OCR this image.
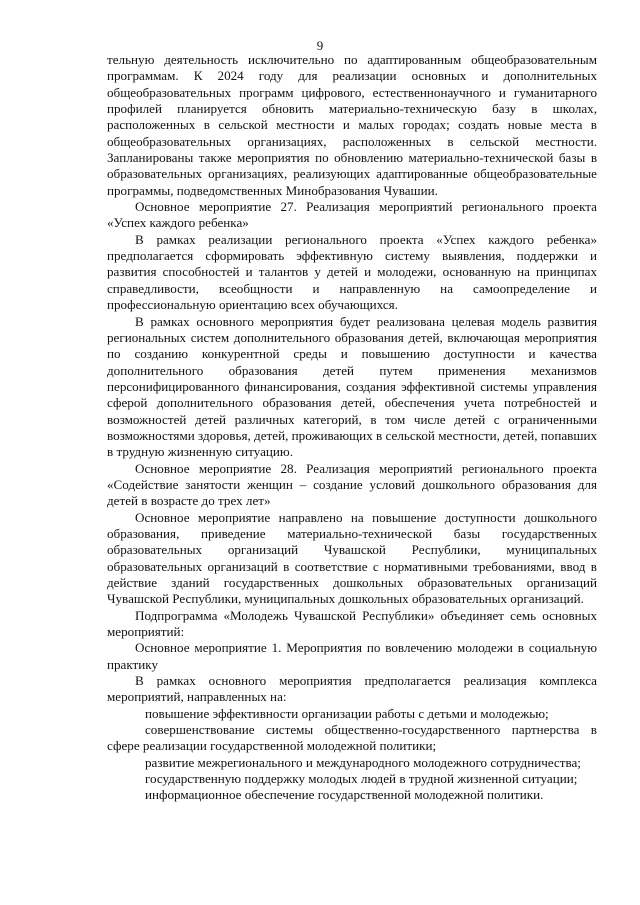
9

тельную деятельность исключительно по адаптированным общеобразовательным программам. К 2024 году для реализации основных и дополнительных общеобразовательных программ цифрового, естественнонаучного и гуманитарного профилей планируется обновить материально-техническую базу в школах, расположенных в сельской местности и малых городах; создать новые места в общеобразовательных организациях, расположенных в сельской местности. Запланированы также мероприятия по обновлению материально-технической базы в образовательных организациях, реализующих адаптированные общеобразовательные программы, подведомственных Минобразования Чувашии.

Основное мероприятие 27. Реализация мероприятий регионального проекта «Успех каждого ребенка»

В рамках реализации регионального проекта «Успех каждого ребенка» предполагается сформировать эффективную систему выявления, поддержки и развития способностей и талантов у детей и молодежи, основанную на принципах справедливости, всеобщности и направленную на самоопределение и профессиональную ориентацию всех обучающихся.

В рамках основного мероприятия будет реализована целевая модель развития региональных систем дополнительного образования детей, включающая мероприятия по созданию конкурентной среды и повышению доступности и качества дополнительного образования детей путем применения механизмов персонифицированного финансирования, создания эффективной системы управления сферой дополнительного образования детей, обеспечения учета потребностей и возможностей детей различных категорий, в том числе детей с ограниченными возможностями здоровья, детей, проживающих в сельской местности, детей, попавших в трудную жизненную ситуацию.

Основное мероприятие 28. Реализация мероприятий регионального проекта «Содействие занятости женщин – создание условий дошкольного образования для детей в возрасте до трех лет»

Основное мероприятие направлено на повышение доступности дошкольного образования, приведение материально-технической базы государственных образовательных организаций Чувашской Республики, муниципальных образовательных организаций в соответствие с нормативными требованиями, ввод в действие зданий государственных дошкольных образовательных организаций Чувашской Республики, муниципальных дошкольных образовательных организаций.

Подпрограмма «Молодежь Чувашской Республики» объединяет семь основных мероприятий:

Основное мероприятие 1. Мероприятия по вовлечению молодежи в социальную практику

В рамках основного мероприятия предполагается реализация комплекса мероприятий, направленных на:

повышение эффективности организации работы с детьми и молодежью;

совершенствование системы общественно-государственного партнерства в сфере реализации государственной молодежной политики;

развитие межрегионального и международного молодежного сотрудничества;

государственную поддержку молодых людей в трудной жизненной ситуации;

информационное обеспечение государственной молодежной политики.
